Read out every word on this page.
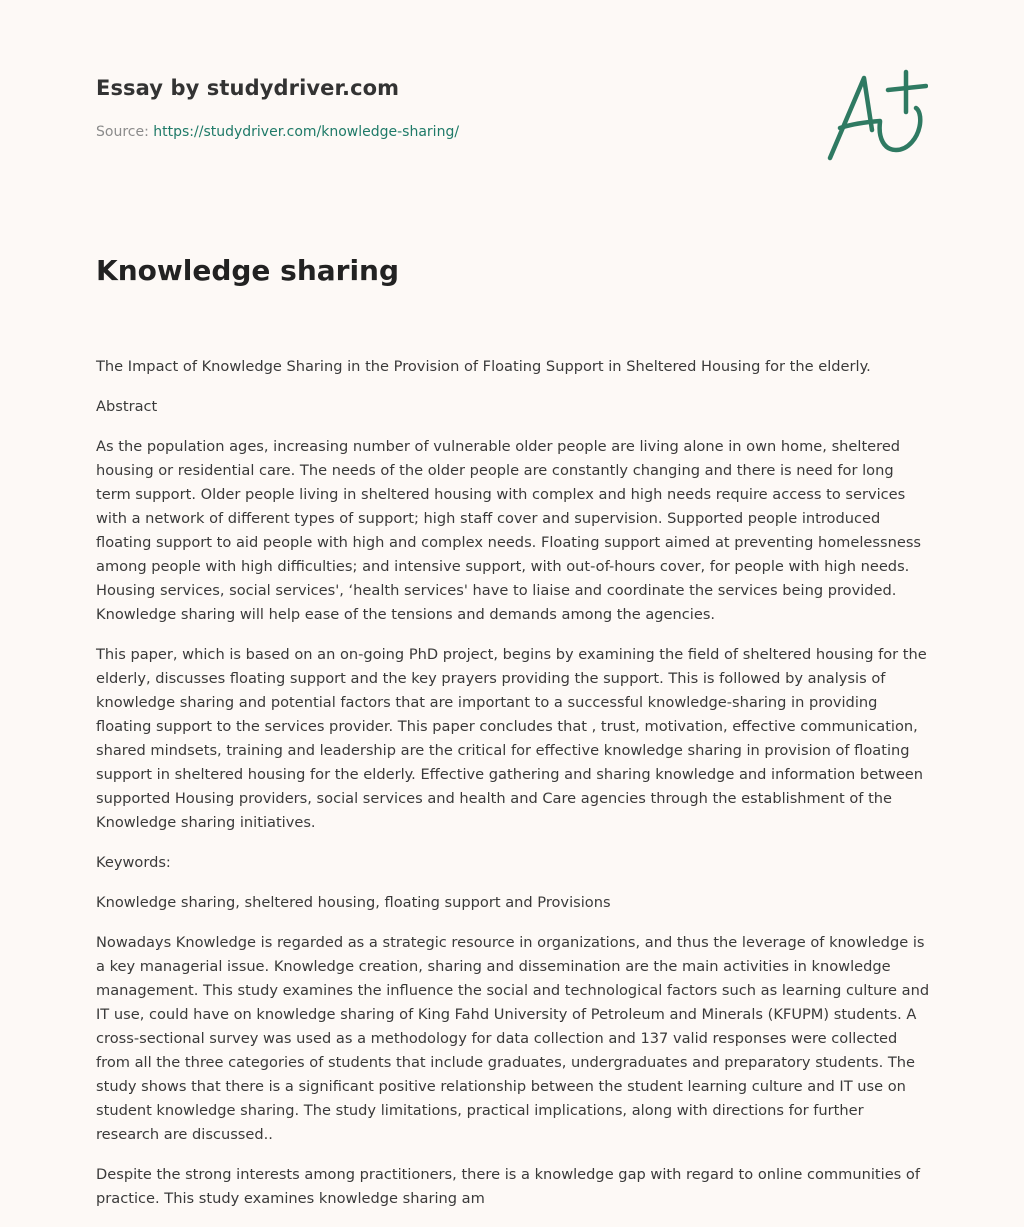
Essay by studydriver.com
Source: https://studydriver.com/knowledge-sharing/
Knowledge sharing

The Impact of Knowledge Sharing in the Provision of Floating Support in Sheltered Housing for the elderly.

Abstract

As the population ages, increasing number of vulnerable older people are living alone in own home, sheltered housing or residential care. The needs of the older people are constantly changing and there is need for long term support. Older people living in sheltered housing with complex and high needs require access to services with a network of different types of support; high staff cover and supervision. Supported people introduced floating support to aid people with high and complex needs. Floating support aimed at preventing homelessness among people with high difficulties; and intensive support, with out-of-hours cover, for people with high needs. Housing services, social services', ‘health services' have to liaise and coordinate the services being provided. Knowledge sharing will help ease of the tensions and demands among the agencies.

This paper, which is based on an on-going PhD project, begins by examining the field of sheltered housing for the elderly, discusses floating support and the key prayers providing the support. This is followed by analysis of knowledge sharing and potential factors that are important to a successful knowledge-sharing in providing floating support to the services provider. This paper concludes that , trust, motivation, effective communication, shared mindsets, training and leadership are the critical for effective knowledge sharing in provision of floating support in sheltered housing for the elderly. Effective gathering and sharing knowledge and information between supported Housing providers, social services and health and Care agencies through the establishment of the Knowledge sharing initiatives.

Keywords:

Knowledge sharing, sheltered housing, floating support and Provisions

Nowadays Knowledge is regarded as a strategic resource in organizations, and thus the leverage of knowledge is a key managerial issue. Knowledge creation, sharing and dissemination are the main activities in knowledge management. This study examines the influence the social and technological factors such as learning culture and IT use, could have on knowledge sharing of King Fahd University of Petroleum and Minerals (KFUPM) students. A cross-sectional survey was used as a methodology for data collection and 137 valid responses were collected from all the three categories of students that include graduates, undergraduates and preparatory students. The study shows that there is a significant positive relationship between the student learning culture and IT use on student knowledge sharing. The study limitations, practical implications, along with directions for further research are discussed..

Despite the strong interests among practitioners, there is a knowledge gap with regard to online communities of practice. This study examines knowledge sharing am
